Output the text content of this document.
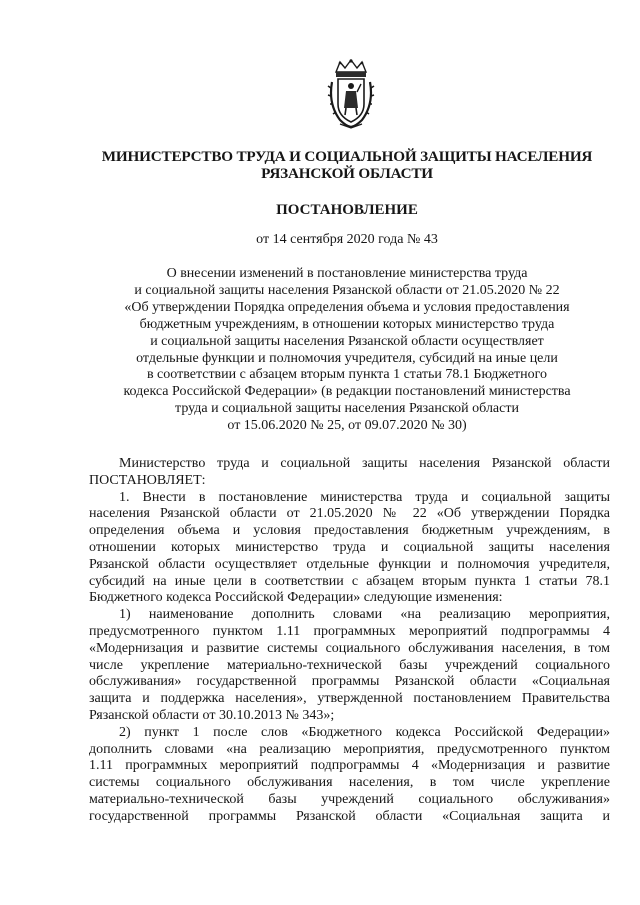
МИНИСТЕРСТВО ТРУДА И СОЦИАЛЬНОЙ ЗАЩИТЫ НАСЕЛЕНИЯ
РЯЗАНСКОЙ ОБЛАСТИ
ПОСТАНОВЛЕНИЕ
от 14 сентября 2020 года № 43
О внесении изменений в постановление министерства труда
и социальной защиты населения Рязанской области от 21.05.2020 № 22
«Об утверждении Порядка определения объема и условия предоставления
бюджетным учреждениям, в отношении которых министерство труда
и социальной защиты населения Рязанской области осуществляет
отдельные функции и полномочия учредителя, субсидий на иные цели
в соответствии с абзацем вторым пункта 1 статьи 78.1 Бюджетного
кодекса Российской Федерации» (в редакции постановлений министерства
труда и социальной защиты населения Рязанской области
от 15.06.2020 № 25, от 09.07.2020 № 30)
Министерство труда и социальной защиты населения Рязанской области
ПОСТАНОВЛЯЕТ:
1. Внести в постановление министерства труда и социальной защиты
населения Рязанской области от 21.05.2020 № 22 «Об утверждении Порядка
определения объема и условия предоставления бюджетным учреждениям, в
отношении которых министерство труда и социальной защиты населения
Рязанской области осуществляет отдельные функции и полномочия учредителя,
субсидий на иные цели в соответствии с абзацем вторым пункта 1 статьи 78.1
Бюджетного кодекса Российской Федерации» следующие изменения:
1) наименование дополнить словами «на реализацию мероприятия,
предусмотренного пунктом 1.11 программных мероприятий подпрограммы 4
«Модернизация и развитие системы социального обслуживания населения, в том
числе укрепление материально-технической базы учреждений социального
обслуживания» государственной программы Рязанской области «Социальная
защита и поддержка населения», утвержденной постановлением Правительства
Рязанской области от 30.10.2013 № 343»;
2) пункт 1 после слов «Бюджетного кодекса Российской Федерации»
дополнить словами «на реализацию мероприятия, предусмотренного пунктом
1.11 программных мероприятий подпрограммы 4 «Модернизация и развитие
системы социального обслуживания населения, в том числе укрепление
материально-технической базы учреждений социального обслуживания»
государственной программы Рязанской области «Социальная защита и
